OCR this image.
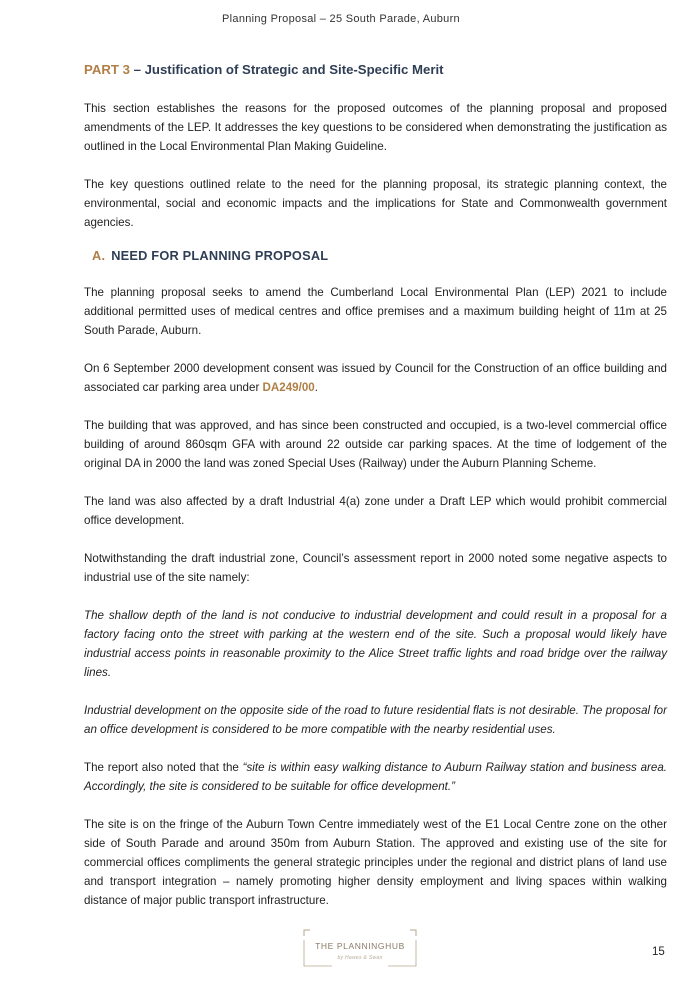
Planning Proposal – 25 South Parade, Auburn
PART 3 – Justification of Strategic and Site-Specific Merit

This section establishes the reasons for the proposed outcomes of the planning proposal and proposed amendments of the LEP. It addresses the key questions to be considered when demonstrating the justification as outlined in the Local Environmental Plan Making Guideline.

The key questions outlined relate to the need for the planning proposal, its strategic planning context, the environmental, social and economic impacts and the implications for State and Commonwealth government agencies.

A. NEED FOR PLANNING PROPOSAL

The planning proposal seeks to amend the Cumberland Local Environmental Plan (LEP) 2021 to include additional permitted uses of medical centres and office premises and a maximum building height of 11m at 25 South Parade, Auburn.

On 6 September 2000 development consent was issued by Council for the Construction of an office building and associated car parking area under DA249/00.

The building that was approved, and has since been constructed and occupied, is a two-level commercial office building of around 860sqm GFA with around 22 outside car parking spaces. At the time of lodgement of the original DA in 2000 the land was zoned Special Uses (Railway) under the Auburn Planning Scheme.

The land was also affected by a draft Industrial 4(a) zone under a Draft LEP which would prohibit commercial office development.

Notwithstanding the draft industrial zone, Council’s assessment report in 2000 noted some negative aspects to industrial use of the site namely:

The shallow depth of the land is not conducive to industrial development and could result in a proposal for a factory facing onto the street with parking at the western end of the site. Such a proposal would likely have industrial access points in reasonable proximity to the Alice Street traffic lights and road bridge over the railway lines.

Industrial development on the opposite side of the road to future residential flats is not desirable. The proposal for an office development is considered to be more compatible with the nearby residential uses.

The report also noted that the “site is within easy walking distance to Auburn Railway station and business area. Accordingly, the site is considered to be suitable for office development.”

The site is on the fringe of the Auburn Town Centre immediately west of the E1 Local Centre zone on the other side of South Parade and around 350m from Auburn Station. The approved and existing use of the site for commercial offices compliments the general strategic principles under the regional and district plans of land use and transport integration – namely promoting higher density employment and living spaces within walking distance of major public transport infrastructure.

THE PLANNINGHUB
by Hawes & Swan	15
